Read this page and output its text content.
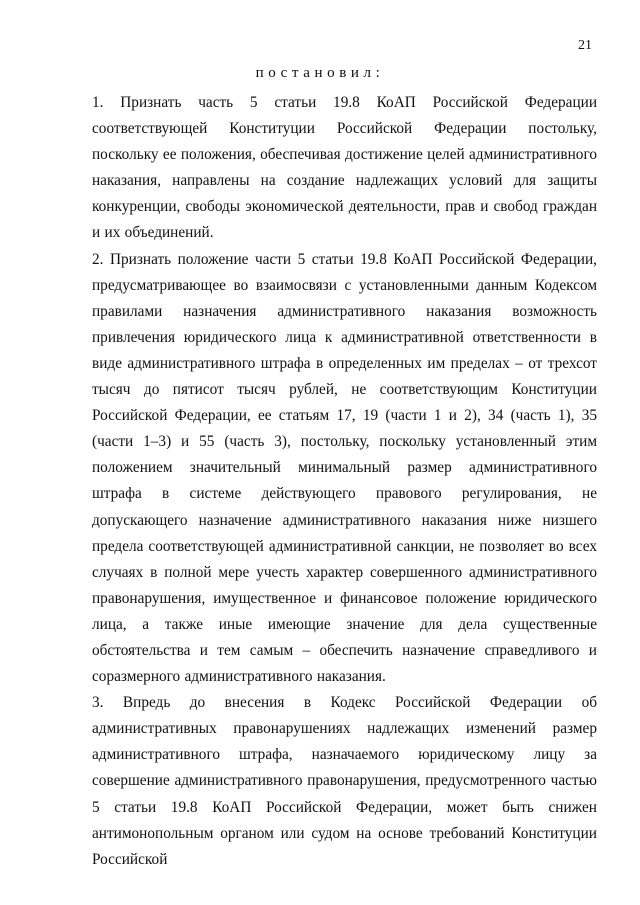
21
постановил:

1. Признать часть 5 статьи 19.8 КоАП Российской Федерации соответствующей Конституции Российской Федерации постольку, поскольку ее положения, обеспечивая достижение целей административного наказания, направлены на создание надлежащих условий для защиты конкуренции, свободы экономической деятельности, прав и свобод граждан и их объединений.

2. Признать положение части 5 статьи 19.8 КоАП Российской Федерации, предусматривающее во взаимосвязи с установленными данным Кодексом правилами назначения административного наказания возможность привлечения юридического лица к административной ответственности в виде административного штрафа в определенных им пределах – от трехсот тысяч до пятисот тысяч рублей, не соответствующим Конституции Российской Федерации, ее статьям 17, 19 (части 1 и 2), 34 (часть 1), 35 (части 1–3) и 55 (часть 3), постольку, поскольку установленный этим положением значительный минимальный размер административного штрафа в системе действующего правового регулирования, не допускающего назначение административного наказания ниже низшего предела соответствующей административной санкции, не позволяет во всех случаях в полной мере учесть характер совершенного административного правонарушения, имущественное и финансовое положение юридического лица, а также иные имеющие значение для дела существенные обстоятельства и тем самым – обеспечить назначение справедливого и соразмерного административного наказания.

3. Впредь до внесения в Кодекс Российской Федерации об административных правонарушениях надлежащих изменений размер административного штрафа, назначаемого юридическому лицу за совершение административного правонарушения, предусмотренного частью 5 статьи 19.8 КоАП Российской Федерации, может быть снижен антимонопольным органом или судом на основе требований Конституции Российской
